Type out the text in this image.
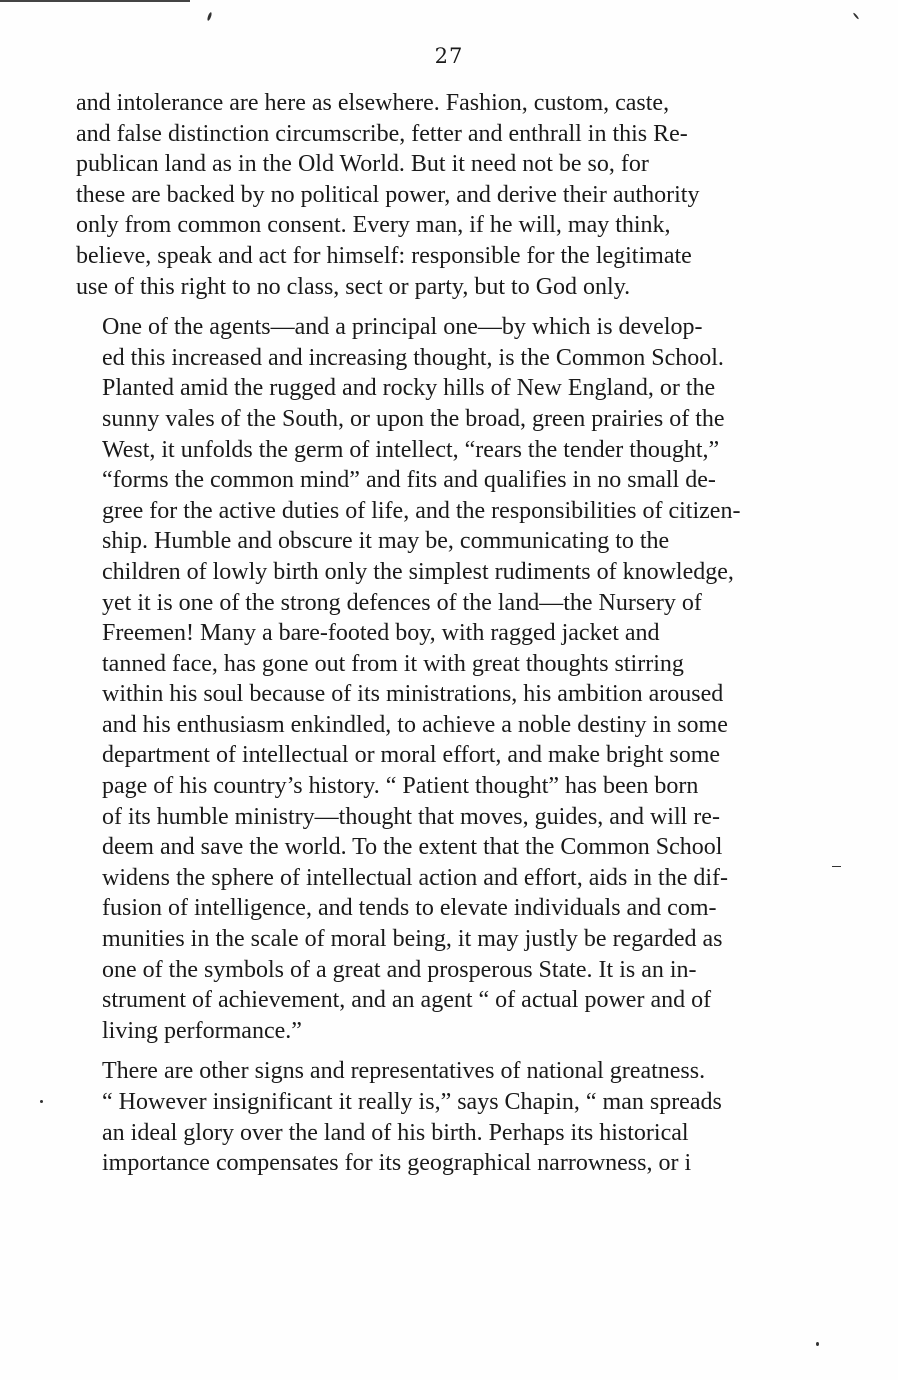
27

and intolerance are here as elsewhere. Fashion, custom, caste,
and false distinction circumscribe, fetter and enthrall in this Re-
publican land as in the Old World. But it need not be so, for
these are backed by no political power, and derive their authority
only from common consent. Every man, if he will, may think,
believe, speak and act for himself: responsible for the legitimate
use of this right to no class, sect or party, but to God only.

One of the agents—and a principal one—by which is develop-
ed this increased and increasing thought, is the Common School.
Planted amid the rugged and rocky hills of New England, or the
sunny vales of the South, or upon the broad, green prairies of the
West, it unfolds the germ of intellect, “rears the tender thought,”
“forms the common mind” and fits and qualifies in no small de-
gree for the active duties of life, and the responsibilities of citizen-
ship. Humble and obscure it may be, communicating to the
children of lowly birth only the simplest rudiments of knowledge,
yet it is one of the strong defences of the land—the Nursery of
Freemen! Many a bare-footed boy, with ragged jacket and
tanned face, has gone out from it with great thoughts stirring
within his soul because of its ministrations, his ambition aroused
and his enthusiasm enkindled, to achieve a noble destiny in some
department of intellectual or moral effort, and make bright some
page of his country’s history. “ Patient thought” has been born
of its humble ministry—thought that moves, guides, and will re-
deem and save the world. To the extent that the Common School
widens the sphere of intellectual action and effort, aids in the dif-
fusion of intelligence, and tends to elevate individuals and com-
munities in the scale of moral being, it may justly be regarded as
one of the symbols of a great and prosperous State. It is an in-
strument of achievement, and an agent “ of actual power and of
living performance.”

There are other signs and representatives of national greatness.
“ However insignificant it really is,” says Chapin, “ man spreads
an ideal glory over the land of his birth. Perhaps its historical
importance compensates for its geographical narrowness, or i
